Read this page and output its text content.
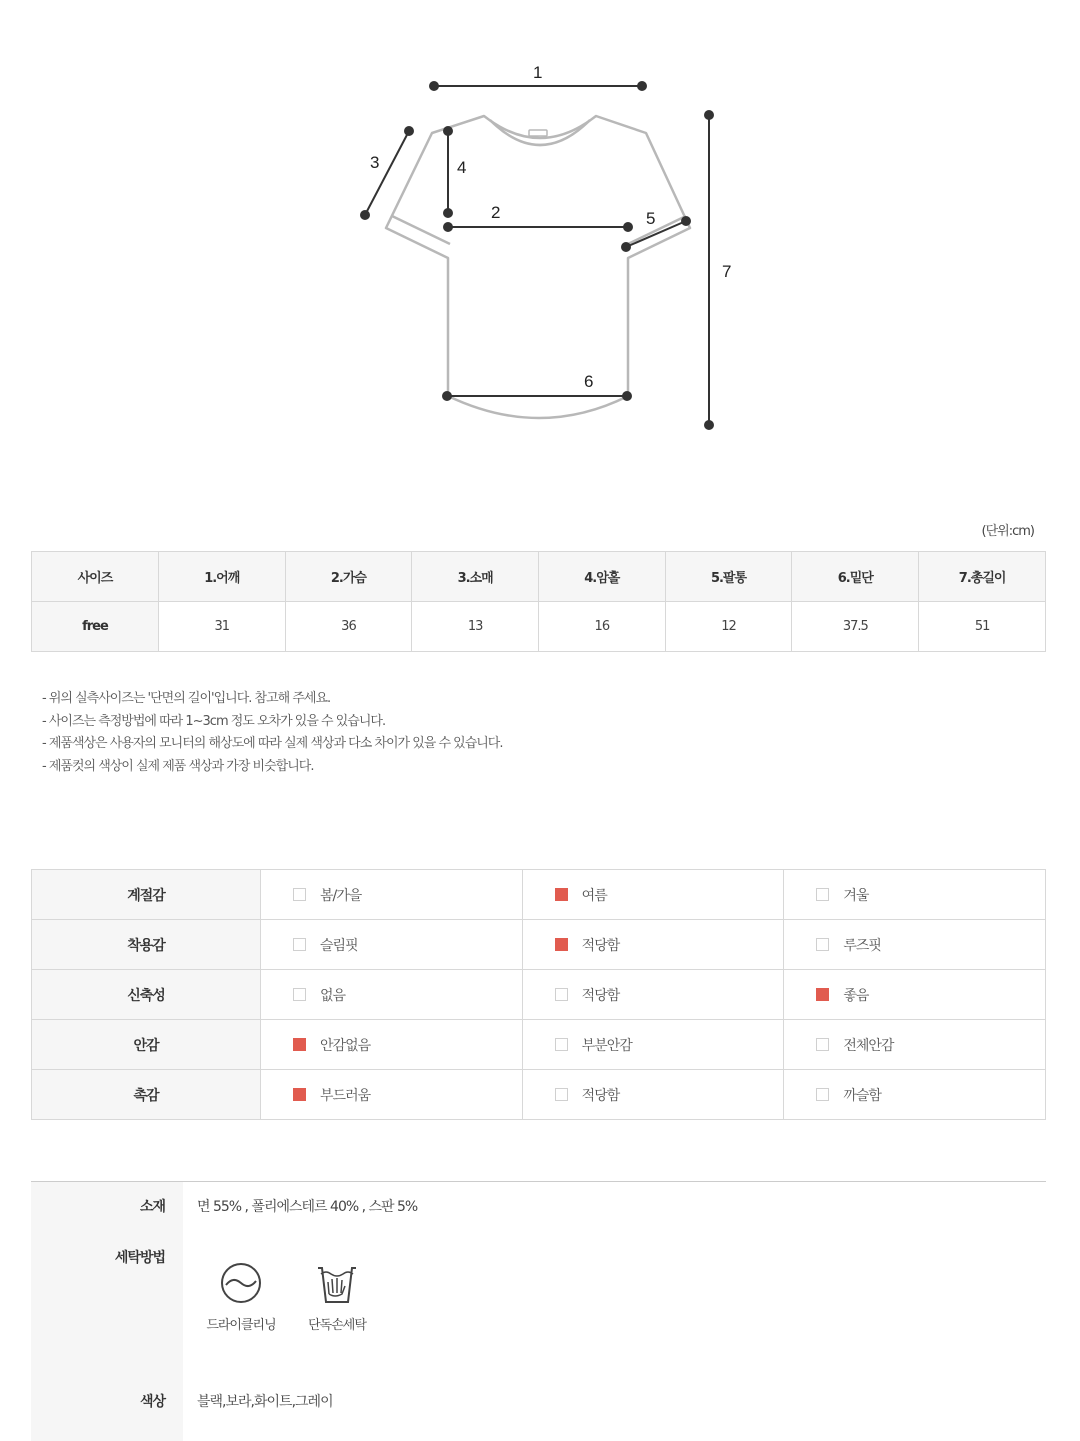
1
2
3	4
5
6
7
(단위:cm)
사이즈	1.어깨	2.가슴	3.소매	4.암홀	5.팔통	6.밑단	7.총길이
free	31	36	13	16	12	37.5	51
- 위의 실측사이즈는 '단면의 길이'입니다. 참고해 주세요.
- 사이즈는 측정방법에 따라 1~3cm 정도 오차가 있을 수 있습니다.
- 제품색상은 사용자의 모니터의 해상도에 따라 실제 색상과 다소 차이가 있을 수 있습니다.
- 제품컷의 색상이 실제 제품 색상과 가장 비슷합니다.
계절감	봄/가을	여름	겨울
착용감	슬림핏	적당함	루즈핏
신축성	없음	적당함	좋음
안감	안감없음	부분안감	전체안감
촉감	부드러움	적당함	까슬함
소재 면 55% , 폴리에스테르 40% , 스판 5%
세탁방법
드라이클리닝	단독손세탁
색상 블랙,보라,화이트,그레이
